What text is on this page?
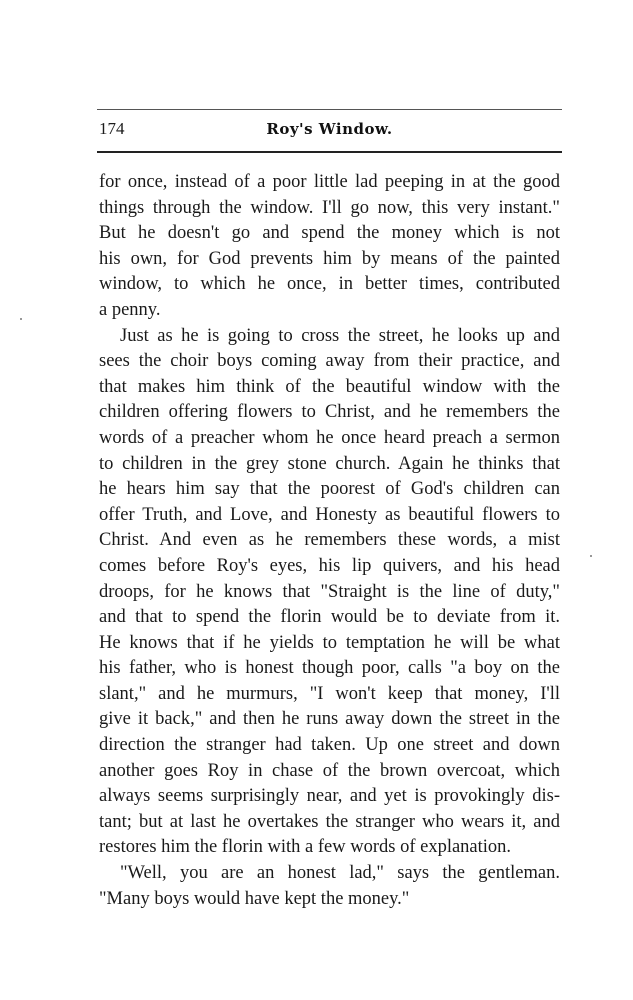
174	Roy's Window.
for once, instead of a poor little lad peeping in at the good
things through the window. I'll go now, this very instant."
But he doesn't go and spend the money which is not
his own, for God prevents him by means of the painted
window, to which he once, in better times, contributed
a penny.
Just as he is going to cross the street, he looks up and
sees the choir boys coming away from their practice, and
that makes him think of the beautiful window with the
children offering flowers to Christ, and he remembers the
words of a preacher whom he once heard preach a sermon
to children in the grey stone church. Again he thinks that
he hears him say that the poorest of God's children can
offer Truth, and Love, and Honesty as beautiful flowers to
Christ. And even as he remembers these words, a mist
comes before Roy's eyes, his lip quivers, and his head
droops, for he knows that "Straight is the line of duty,"
and that to spend the florin would be to deviate from it.
He knows that if he yields to temptation he will be what
his father, who is honest though poor, calls "a boy on the
slant," and he murmurs, "I won't keep that money, I'll
give it back," and then he runs away down the street in the
direction the stranger had taken. Up one street and down
another goes Roy in chase of the brown overcoat, which
always seems surprisingly near, and yet is provokingly dis-
tant; but at last he overtakes the stranger who wears it, and
restores him the florin with a few words of explanation.
"Well, you are an honest lad," says the gentleman.
"Many boys would have kept the money."
